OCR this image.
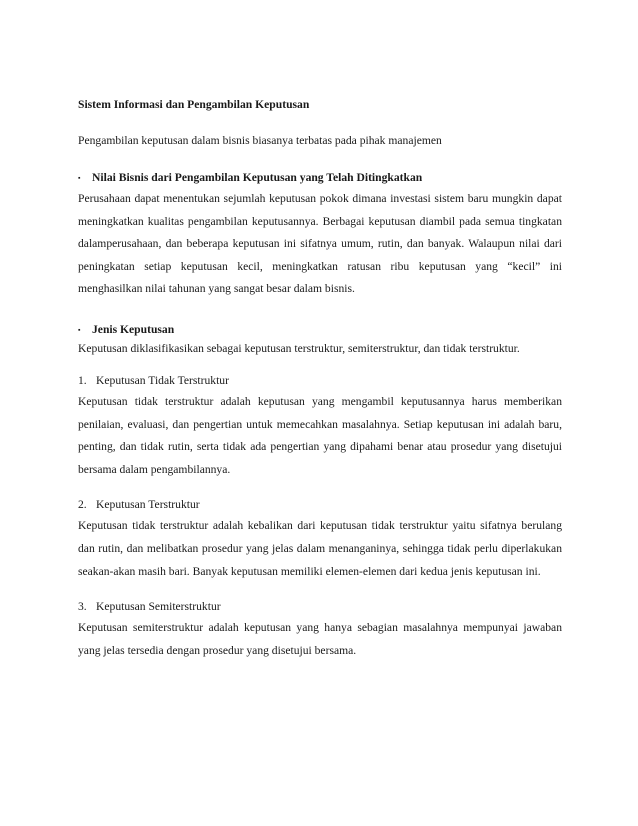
Sistem Informasi dan Pengambilan Keputusan

Pengambilan keputusan dalam bisnis biasanya terbatas pada pihak manajemen

▪ Nilai Bisnis dari Pengambilan Keputusan yang Telah Ditingkatkan

Perusahaan dapat menentukan sejumlah keputusan pokok dimana investasi sistem baru mungkin dapat meningkatkan kualitas pengambilan keputusannya. Berbagai keputusan diambil pada semua tingkatan dalamperusahaan, dan beberapa keputusan ini sifatnya umum, rutin, dan banyak. Walaupun nilai dari peningkatan setiap keputusan kecil, meningkatkan ratusan ribu keputusan yang “kecil” ini menghasilkan nilai tahunan yang sangat besar dalam bisnis.

▪ Jenis Keputusan

Keputusan diklasifikasikan sebagai keputusan terstruktur, semiterstruktur, dan tidak terstruktur.

1. Keputusan Tidak Terstruktur

Keputusan tidak terstruktur adalah keputusan yang mengambil keputusannya harus memberikan penilaian, evaluasi, dan pengertian untuk memecahkan masalahnya. Setiap keputusan ini adalah baru, penting, dan tidak rutin, serta tidak ada pengertian yang dipahami benar atau prosedur yang disetujui bersama dalam pengambilannya.

2. Keputusan Terstruktur

Keputusan tidak terstruktur adalah kebalikan dari keputusan tidak terstruktur yaitu sifatnya berulang dan rutin, dan melibatkan prosedur yang jelas dalam menanganinya, sehingga tidak perlu diperlakukan seakan-akan masih bari. Banyak keputusan memiliki elemen-elemen dari kedua jenis keputusan ini.

3. Keputusan Semiterstruktur

Keputusan semiterstruktur adalah keputusan yang hanya sebagian masalahnya mempunyai jawaban yang jelas tersedia dengan prosedur yang disetujui bersama.
